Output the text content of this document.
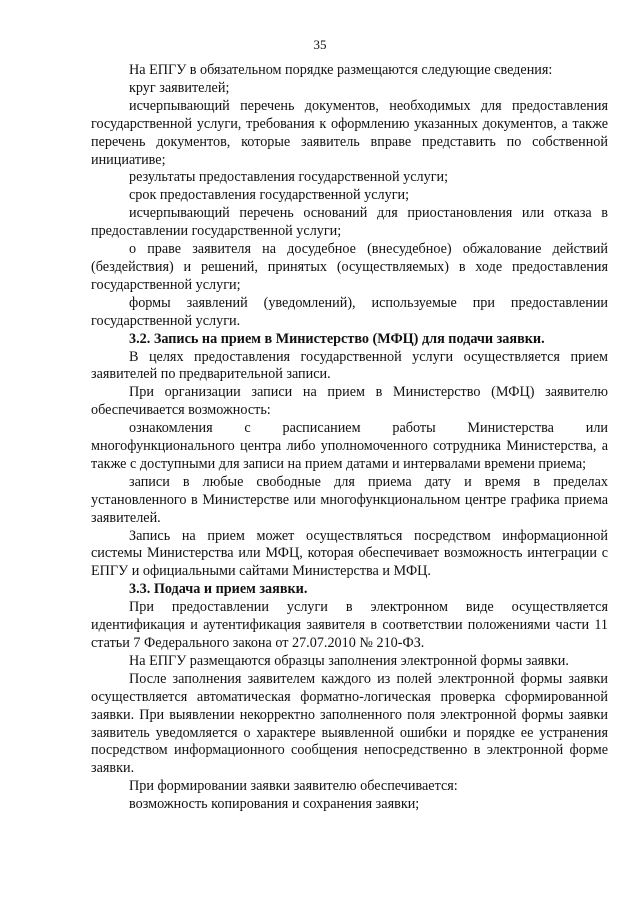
35

На ЕПГУ в обязательном порядке размещаются следующие сведения:

круг заявителей;

исчерпывающий перечень документов, необходимых для предоставления государственной услуги, требования к оформлению указанных документов, а также перечень документов, которые заявитель вправе представить по собственной инициативе;

результаты предоставления государственной услуги;

срок предоставления государственной услуги;

исчерпывающий перечень оснований для приостановления или отказа в предоставлении государственной услуги;

о праве заявителя на досудебное (внесудебное) обжалование действий (бездействия) и решений, принятых (осуществляемых) в ходе предоставления государственной услуги;

формы заявлений (уведомлений), используемые при предоставлении государственной услуги.

3.2. Запись на прием в Министерство (МФЦ) для подачи заявки.

В целях предоставления государственной услуги осуществляется прием заявителей по предварительной записи.

При организации записи на прием в Министерство (МФЦ) заявителю обеспечивается возможность:

ознакомления с расписанием работы Министерства или многофункционального центра либо уполномоченного сотрудника Министерства, а также с доступными для записи на прием датами и интервалами времени приема;

записи в любые свободные для приема дату и время в пределах установленного в Министерстве или многофункциональном центре графика приема заявителей.

Запись на прием может осуществляться посредством информационной системы Министерства или МФЦ, которая обеспечивает возможность интеграции с ЕПГУ и официальными сайтами Министерства и МФЦ.

3.3. Подача и прием заявки.

При предоставлении услуги в электронном виде осуществляется идентификация и аутентификация заявителя в соответствии положениями части 11 статьи 7 Федерального закона от 27.07.2010 № 210-ФЗ.

На ЕПГУ размещаются образцы заполнения электронной формы заявки.

После заполнения заявителем каждого из полей электронной формы заявки осуществляется автоматическая форматно-логическая проверка сформированной заявки. При выявлении некорректно заполненного поля электронной формы заявки заявитель уведомляется о характере выявленной ошибки и порядке ее устранения посредством информационного сообщения непосредственно в электронной форме заявки.

При формировании заявки заявителю обеспечивается:

возможность копирования и сохранения заявки;
